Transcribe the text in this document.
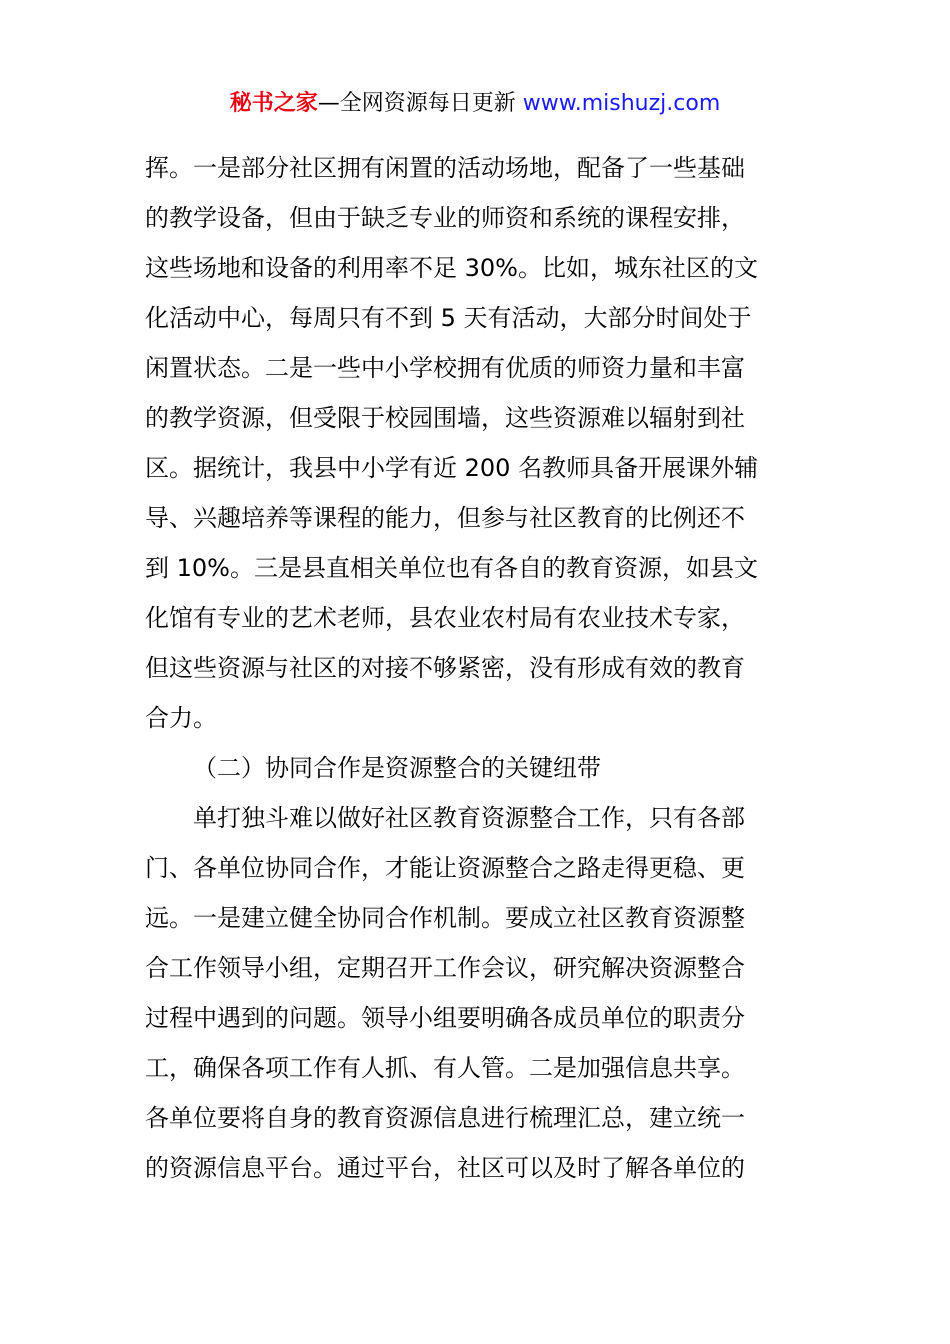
秘书之家—全网资源每日更新 www.mishuzj.com
挥。一是部分社区拥有闲置的活动场地，配备了一些基础
的教学设备，但由于缺乏专业的师资和系统的课程安排，
这些场地和设备的利用率不足 30%。比如，城东社区的文
化活动中心，每周只有不到 5 天有活动，大部分时间处于
闲置状态。二是一些中小学校拥有优质的师资力量和丰富
的教学资源，但受限于校园围墙，这些资源难以辐射到社
区。据统计，我县中小学有近 200 名教师具备开展课外辅
导、兴趣培养等课程的能力，但参与社区教育的比例还不
到 10%。三是县直相关单位也有各自的教育资源，如县文
化馆有专业的艺术老师，县农业农村局有农业技术专家，
但这些资源与社区的对接不够紧密，没有形成有效的教育
合力。
（二）协同合作是资源整合的关键纽带
单打独斗难以做好社区教育资源整合工作，只有各部
门、各单位协同合作，才能让资源整合之路走得更稳、更
远。一是建立健全协同合作机制。要成立社区教育资源整
合工作领导小组，定期召开工作会议，研究解决资源整合
过程中遇到的问题。领导小组要明确各成员单位的职责分
工，确保各项工作有人抓、有人管。二是加强信息共享。
各单位要将自身的教育资源信息进行梳理汇总，建立统一
的资源信息平台。通过平台，社区可以及时了解各单位的
